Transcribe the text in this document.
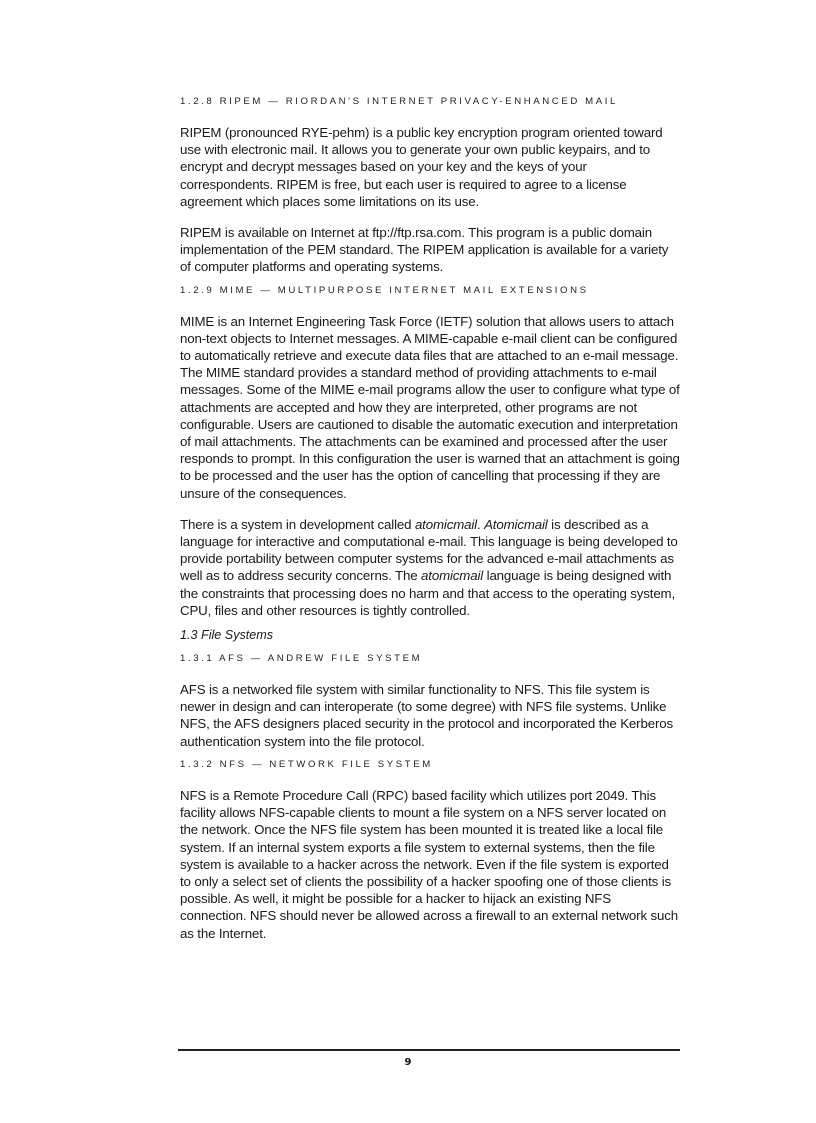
1.2.8 RIPEM — RIORDAN'S INTERNET PRIVACY-ENHANCED MAIL

RIPEM (pronounced RYE-pehm) is a public key encryption program oriented toward use with electronic mail. It allows you to generate your own public keypairs, and to encrypt and decrypt messages based on your key and the keys of your correspondents. RIPEM is free, but each user is required to agree to a license agreement which places some limitations on its use.

RIPEM is available on Internet at ftp://ftp.rsa.com. This program is a public domain implementation of the PEM standard. The RIPEM application is available for a variety of computer platforms and operating systems.

1.2.9 MIME — MULTIPURPOSE INTERNET MAIL EXTENSIONS

MIME is an Internet Engineering Task Force (IETF) solution that allows users to attach non-text objects to Internet messages. A MIME-capable e-mail client can be configured to automatically retrieve and execute data files that are attached to an e-mail message. The MIME standard provides a standard method of providing attachments to e-mail messages. Some of the MIME e-mail programs allow the user to configure what type of attachments are accepted and how they are interpreted, other programs are not configurable. Users are cautioned to disable the automatic execution and interpretation of mail attachments. The attachments can be examined and processed after the user responds to prompt. In this configuration the user is warned that an attachment is going to be processed and the user has the option of cancelling that processing if they are unsure of the consequences.

There is a system in development called atomicmail. Atomicmail is described as a language for interactive and computational e-mail. This language is being developed to provide portability between computer systems for the advanced e-mail attachments as well as to address security concerns. The atomicmail language is being designed with the constraints that processing does no harm and that access to the operating system, CPU, files and other resources is tightly controlled.

1.3 File Systems
1.3.1 AFS — ANDREW FILE SYSTEM

AFS is a networked file system with similar functionality to NFS. This file system is newer in design and can interoperate (to some degree) with NFS file systems. Unlike NFS, the AFS designers placed security in the protocol and incorporated the Kerberos authentication system into the file protocol.

1.3.2 NFS — NETWORK FILE SYSTEM

NFS is a Remote Procedure Call (RPC) based facility which utilizes port 2049. This facility allows NFS-capable clients to mount a file system on a NFS server located on the network. Once the NFS file system has been mounted it is treated like a local file system. If an internal system exports a file system to external systems, then the file system is available to a hacker across the network. Even if the file system is exported to only a select set of clients the possibility of a hacker spoofing one of those clients is possible. As well, it might be possible for a hacker to hijack an existing NFS connection. NFS should never be allowed across a firewall to an external network such as the Internet.

9
